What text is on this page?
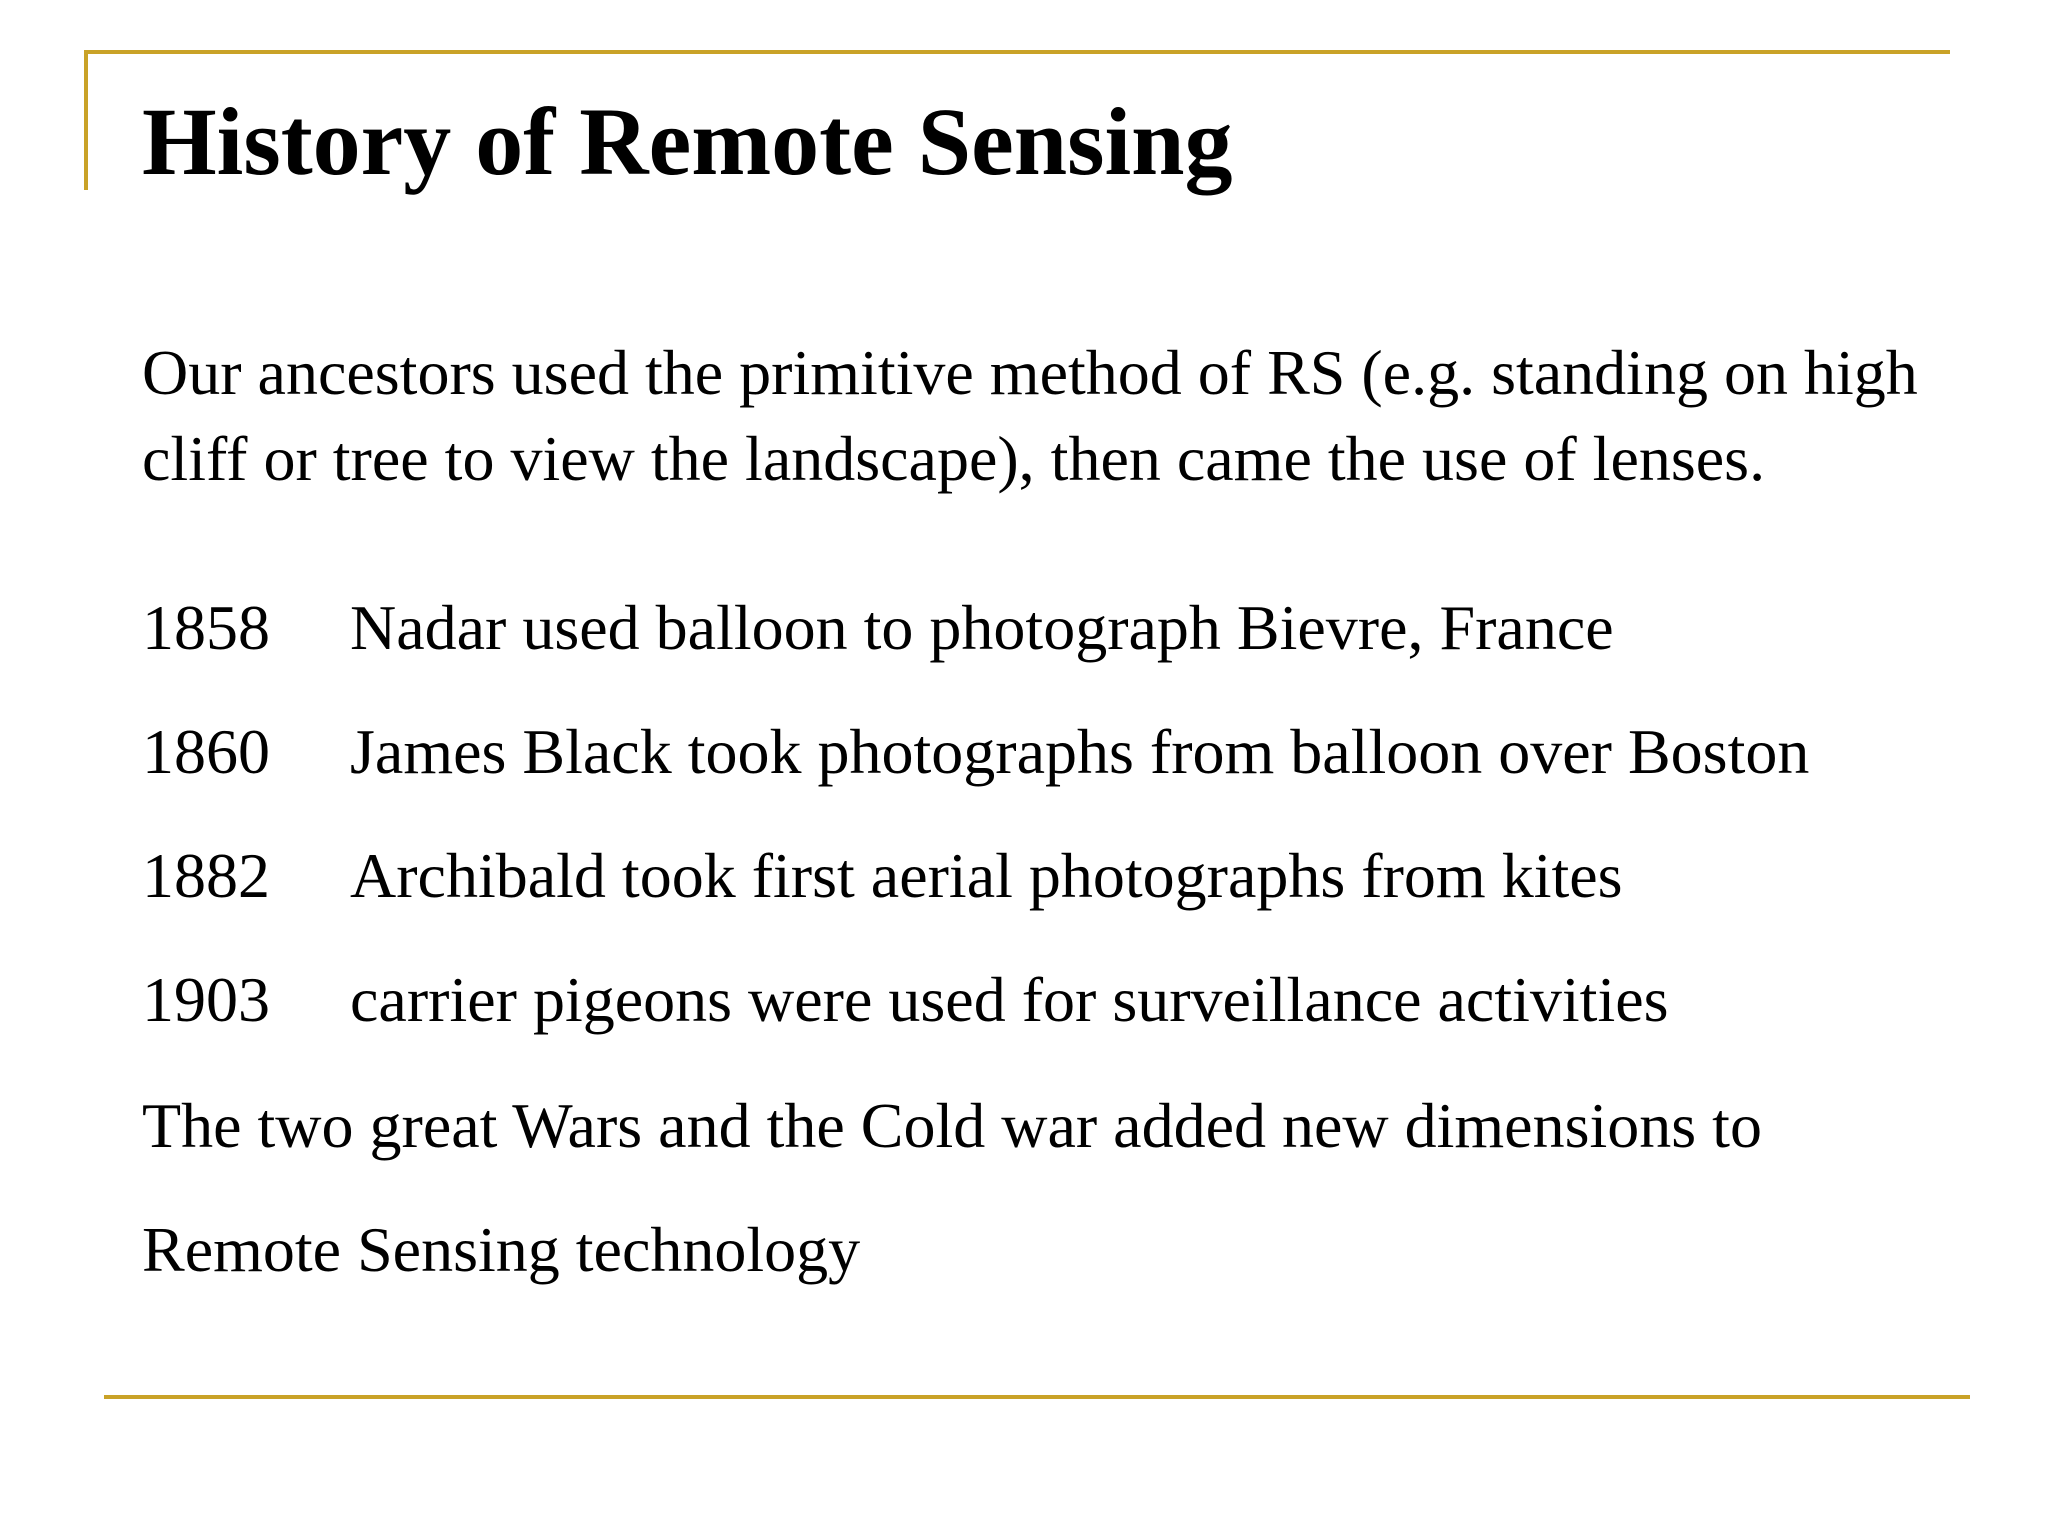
History of Remote Sensing

Our ancestors used the primitive method of RS (e.g. standing on high cliff or tree to view the landscape), then came the use of lenses.

1858	Nadar used balloon to photograph Bievre, France
1860	James Black took photographs from balloon over Boston
1882	Archibald took first aerial photographs from kites
1903	carrier pigeons were used for surveillance activities

The two great Wars and the Cold war added new dimensions to
Remote Sensing technology
